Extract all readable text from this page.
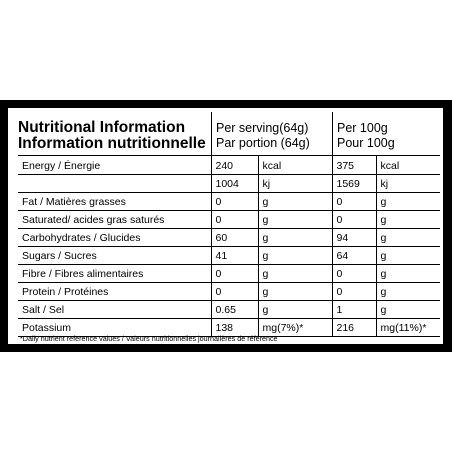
Nutritional Information
Information nutritionnelle
Per serving(64g)
Par portion (64g)
Per 100g
Pour 100g
Energy / Énergie	240	kcal	375	kcal
	1004	kj	1569	kj
Fat / Matières grasses	0	g	0	g
Saturated/ acides gras saturés	0	g	0	g
Carbohydrates / Glucides	60	g	94	g
Sugars / Sucres	41	g	64	g
Fibre / Fibres alimentaires	0	g	0	g
Protein / Protéines	0	g	0	g
Salt / Sel	0.65	g	1	g
Potassium	138	mg(7%)*	216	mg(11%)*
*Daily nutrient reference values / Valeurs nutritionnelles journalières de référence
